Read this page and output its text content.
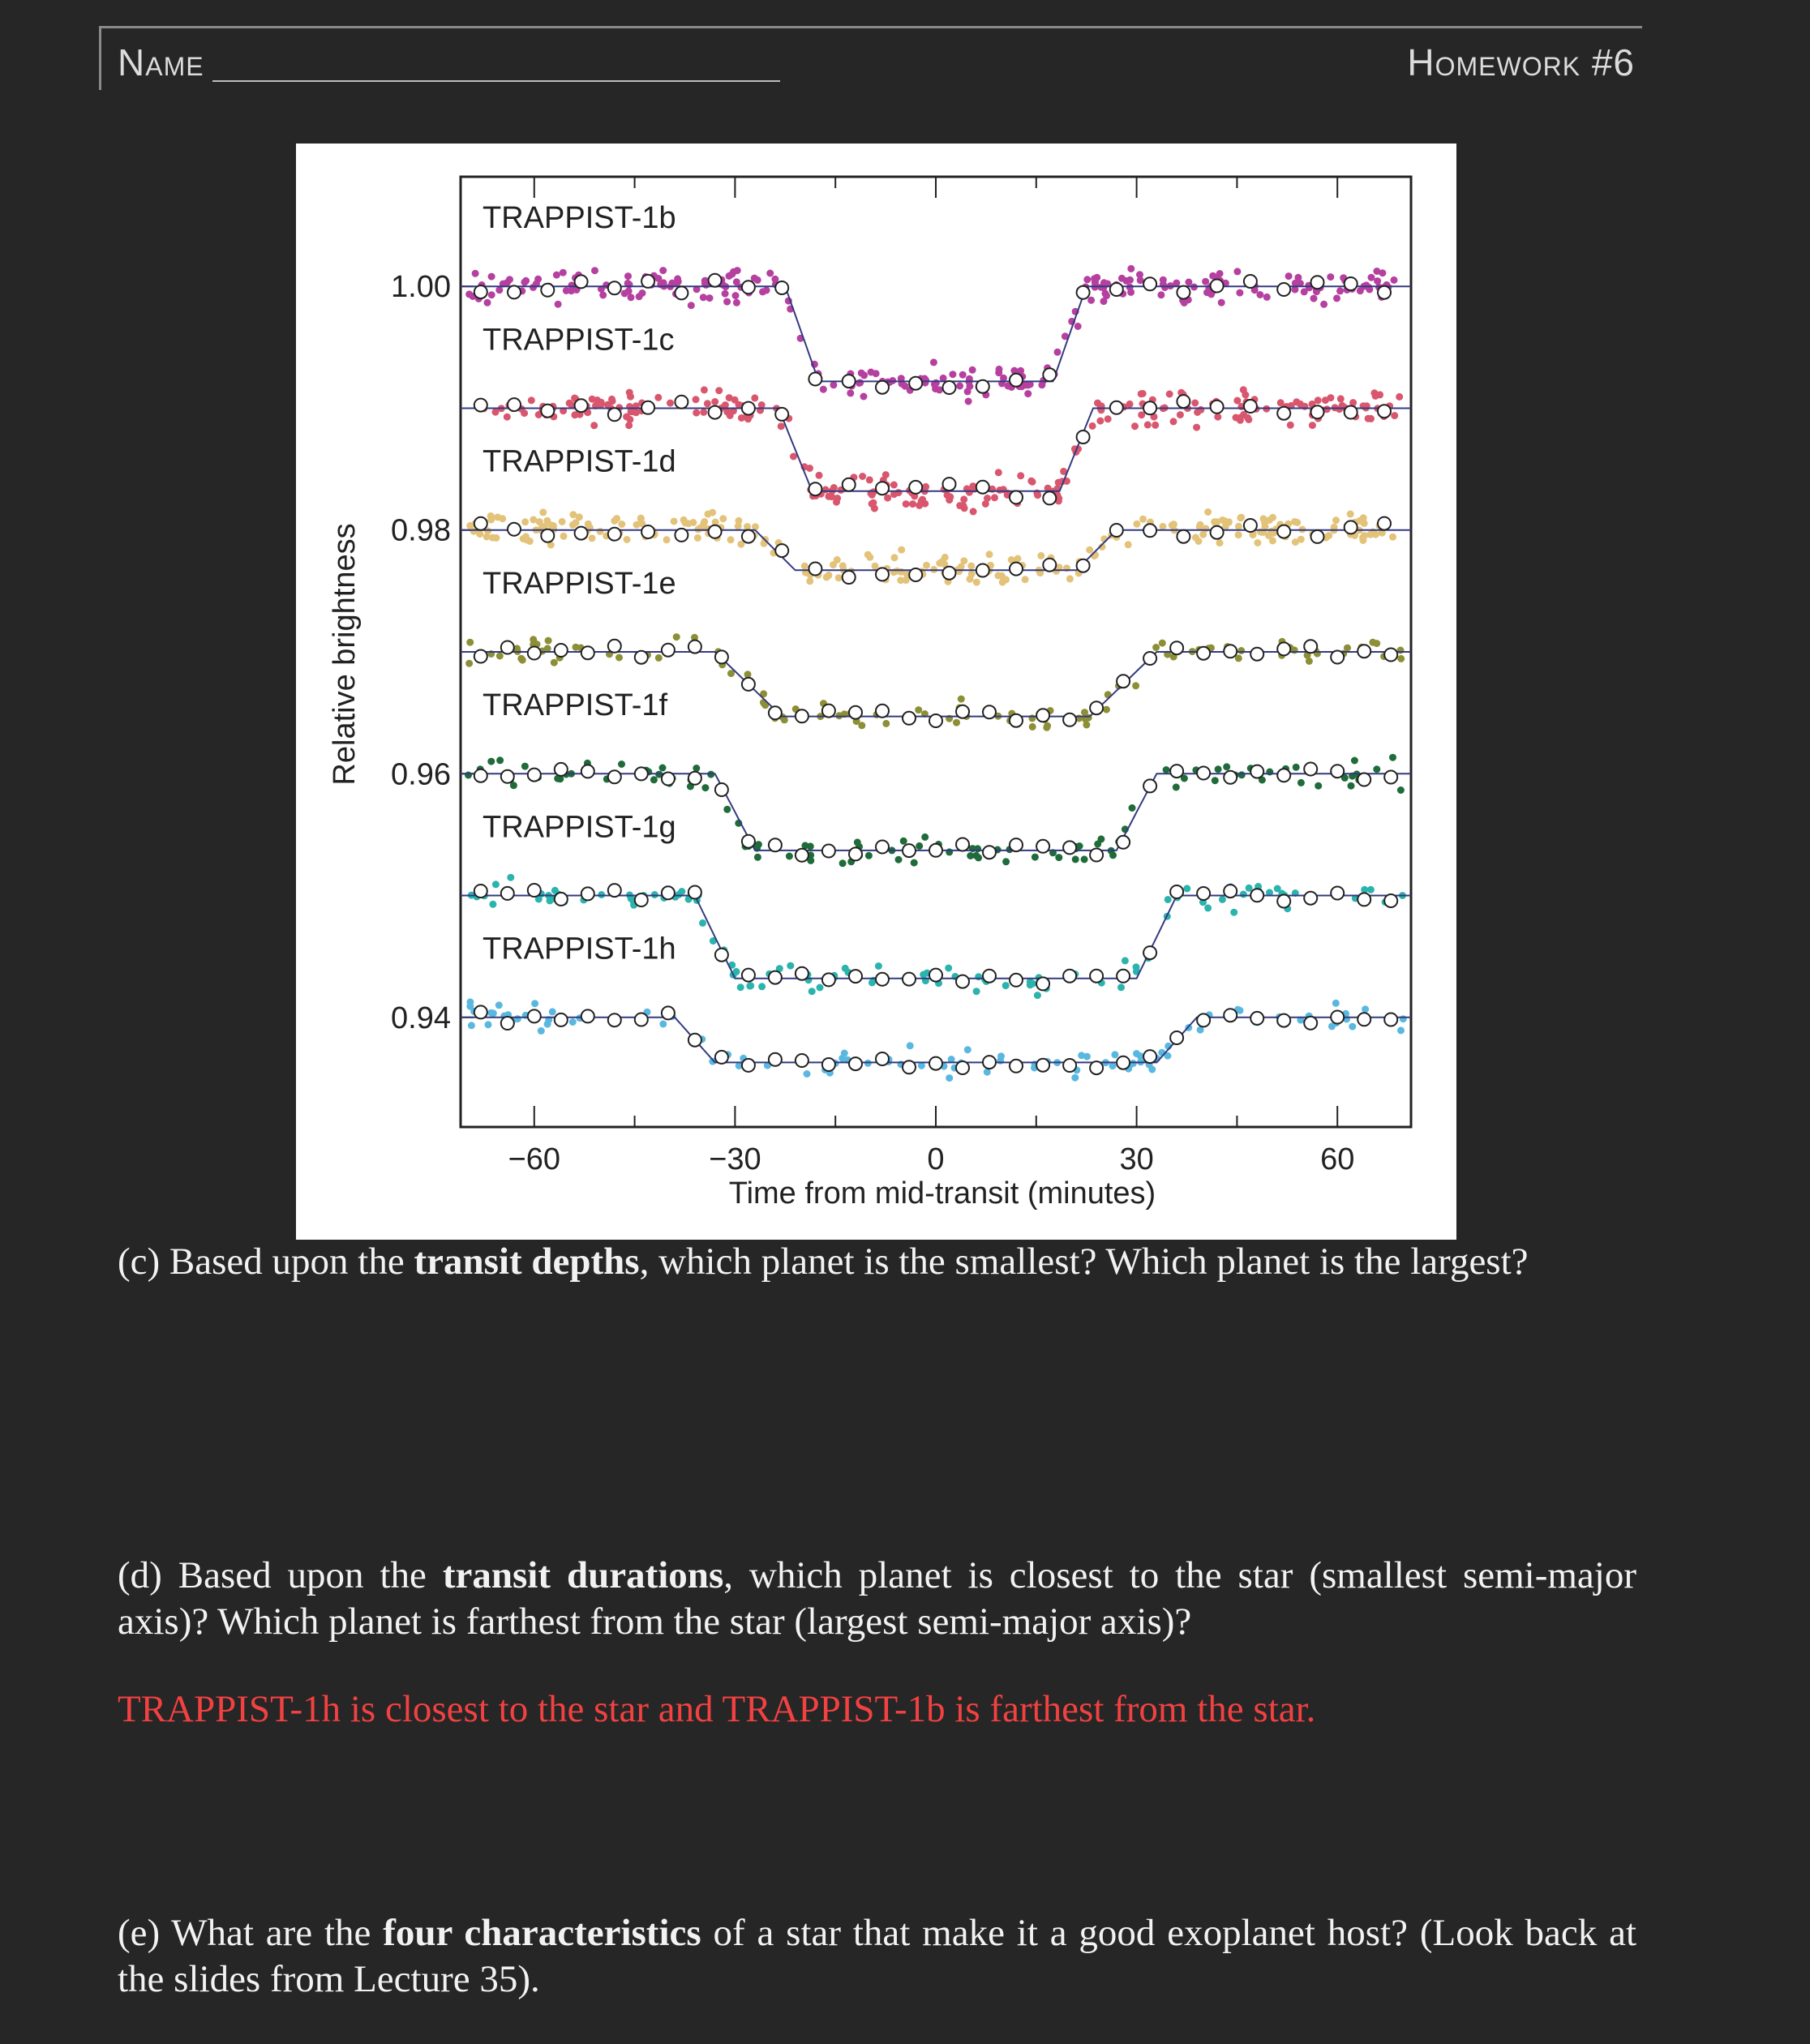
Name	Homework #6
Relative brightness
Time from mid-transit (minutes)
−60	−30	0	30	60
1.00
0.98
0.96
0.94
TRAPPIST-1b
TRAPPIST-1c
TRAPPIST-1d
TRAPPIST-1e
TRAPPIST-1f
TRAPPIST-1g
TRAPPIST-1h
(c) Based upon the transit depths, which planet is the smallest? Which planet is the largest?
(d) Based upon the transit durations, which planet is closest to the star (smallest semi-major axis)? Which planet is farthest from the star (largest semi-major axis)?
TRAPPIST-1h is closest to the star and TRAPPIST-1b is farthest from the star.
(e) What are the four characteristics of a star that make it a good exoplanet host? (Look back at the slides from Lecture 35).
